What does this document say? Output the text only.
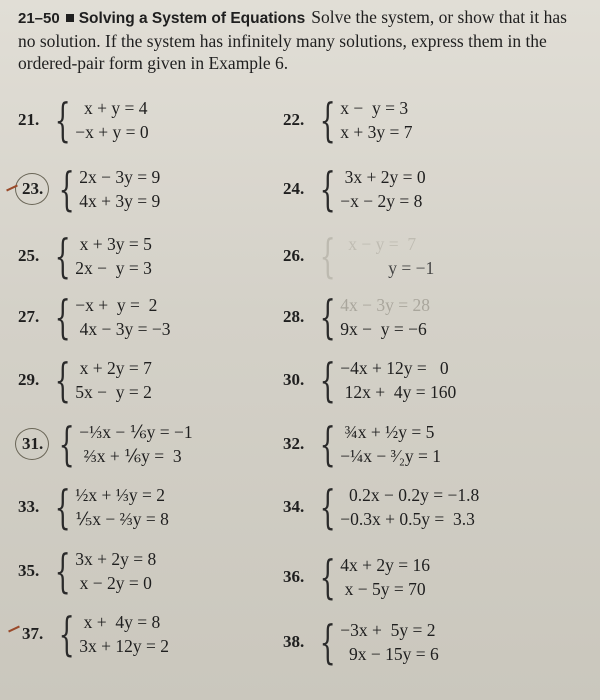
21–50 Solving a System of Equations Solve the system, or show that it has no solution. If the system has infinitely many solutions, express them in the ordered-pair form given in Example 6.
21. { x + y = 4
−x + y = 0
22. { x −  y = 3
x + 3y = 7
23. { 2x − 3y = 9
4x + 3y = 9
24. { 3x + 2y = 0
−x − 2y = 8
25. { x + 3y = 5
2x −  y = 3
26. { x − y =  7
y = −1
27. { −x +  y =  2
4x − 3y = −3
28. { 4x − 3y = 28
9x −  y = −6
29. { x + 2y = 7
5x −  y = 2
30. { −4x + 12y =   0
12x +  4y = 160
31. { −⅓x − ⅙y = −1
⅔x + ⅙y =  3
32. { ¾x + ½y = 5
−¼x − ³⁄₂y = 1
33. { ½x + ⅓y = 2
⅕x − ⅔y = 8
34. { 0.2x − 0.2y = −1.8
−0.3x + 0.5y =  3.3
35. { 3x + 2y = 8
x − 2y = 0	36. { 4x + 2y = 16
x − 5y = 70
37. { x +  4y = 8
3x + 12y = 2	38. { −3x +  5y = 2
9x − 15y = 6
